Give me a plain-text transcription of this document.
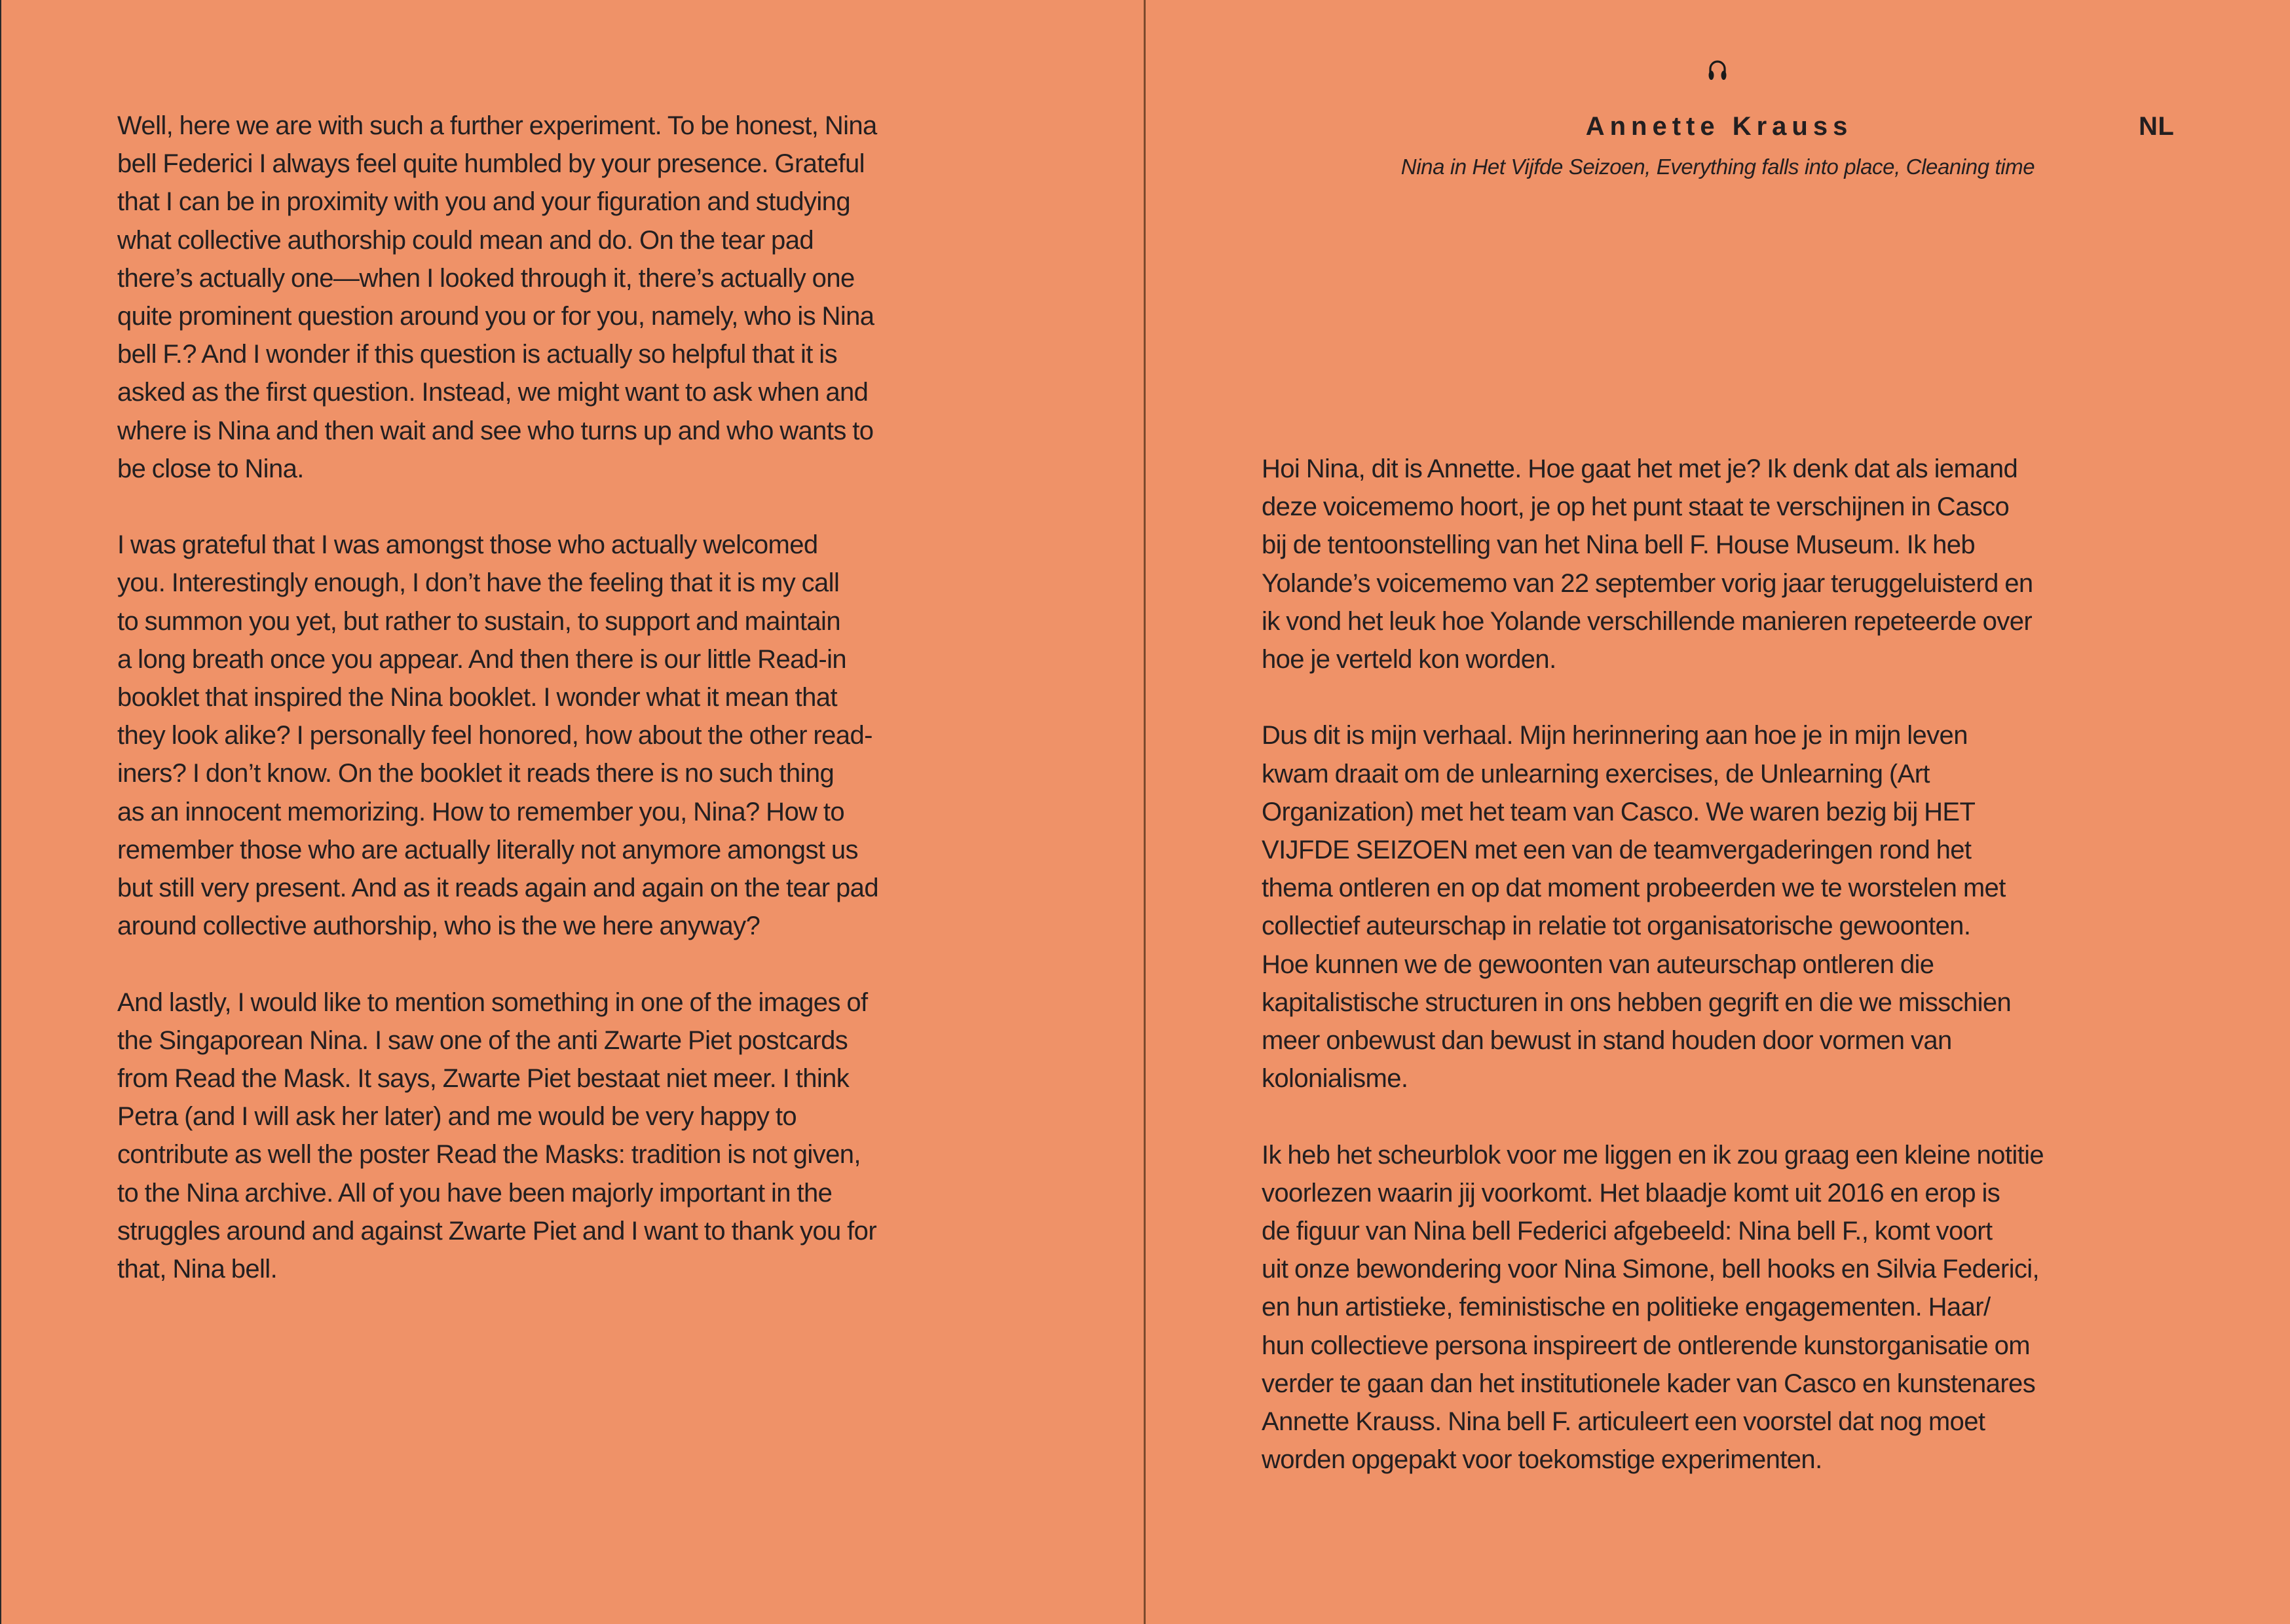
Well, here we are with such a further experiment. To be honest, Nina
bell Federici I always feel quite humbled by your presence. Grateful
that I can be in proximity with you and your figuration and studying
what collective authorship could mean and do. On the tear pad
there’s actually one—when I looked through it, there’s actually one
quite prominent question around you or for you, namely, who is Nina
bell F.? And I wonder if this question is actually so helpful that it is
asked as the first question. Instead, we might want to ask when and
where is Nina and then wait and see who turns up and who wants to
be close to Nina.

I was grateful that I was amongst those who actually welcomed
you. Interestingly enough, I don’t have the feeling that it is my call
to summon you yet, but rather to sustain, to support and maintain
a long breath once you appear. And then there is our little Read-in
booklet that inspired the Nina booklet. I wonder what it mean that
they look alike? I personally feel honored, how about the other read-
iners? I don’t know. On the booklet it reads there is no such thing
as an innocent memorizing. How to remember you, Nina? How to
remember those who are actually literally not anymore amongst us
but still very present. And as it reads again and again on the tear pad
around collective authorship, who is the we here anyway?

And lastly, I would like to mention something in one of the images of
the Singaporean Nina. I saw one of the anti Zwarte Piet postcards
from Read the Mask. It says, Zwarte Piet bestaat niet meer. I think
Petra (and I will ask her later) and me would be very happy to
contribute as well the poster Read the Masks: tradition is not given,
to the Nina archive. All of you have been majorly important in the
struggles around and against Zwarte Piet and I want to thank you for
that, Nina bell.

Annette Krauss	NL
Nina in Het Vijfde Seizoen, Everything falls into place, Cleaning time

Hoi Nina, dit is Annette. Hoe gaat het met je? Ik denk dat als iemand
deze voicememo hoort, je op het punt staat te verschijnen in Casco
bij de tentoonstelling van het Nina bell F. House Museum. Ik heb
Yolande’s voicememo van 22 september vorig jaar teruggeluisterd en
ik vond het leuk hoe Yolande verschillende manieren repeteerde over
hoe je verteld kon worden.

Dus dit is mijn verhaal. Mijn herinnering aan hoe je in mijn leven
kwam draait om de unlearning exercises, de Unlearning (Art
Organization) met het team van Casco. We waren bezig bij HET
VIJFDE SEIZOEN met een van de teamvergaderingen rond het
thema ontleren en op dat moment probeerden we te worstelen met
collectief auteurschap in relatie tot organisatorische gewoonten.
Hoe kunnen we de gewoonten van auteurschap ontleren die
kapitalistische structuren in ons hebben gegrift en die we misschien
meer onbewust dan bewust in stand houden door vormen van
kolonialisme.

Ik heb het scheurblok voor me liggen en ik zou graag een kleine notitie
voorlezen waarin jij voorkomt. Het blaadje komt uit 2016 en erop is
de figuur van Nina bell Federici afgebeeld: Nina bell F., komt voort
uit onze bewondering voor Nina Simone, bell hooks en Silvia Federici,
en hun artistieke, feministische en politieke engagementen. Haar/
hun collectieve persona inspireert de ontlerende kunstorganisatie om
verder te gaan dan het institutionele kader van Casco en kunstenares
Annette Krauss. Nina bell F. articuleert een voorstel dat nog moet
worden opgepakt voor toekomstige experimenten.
